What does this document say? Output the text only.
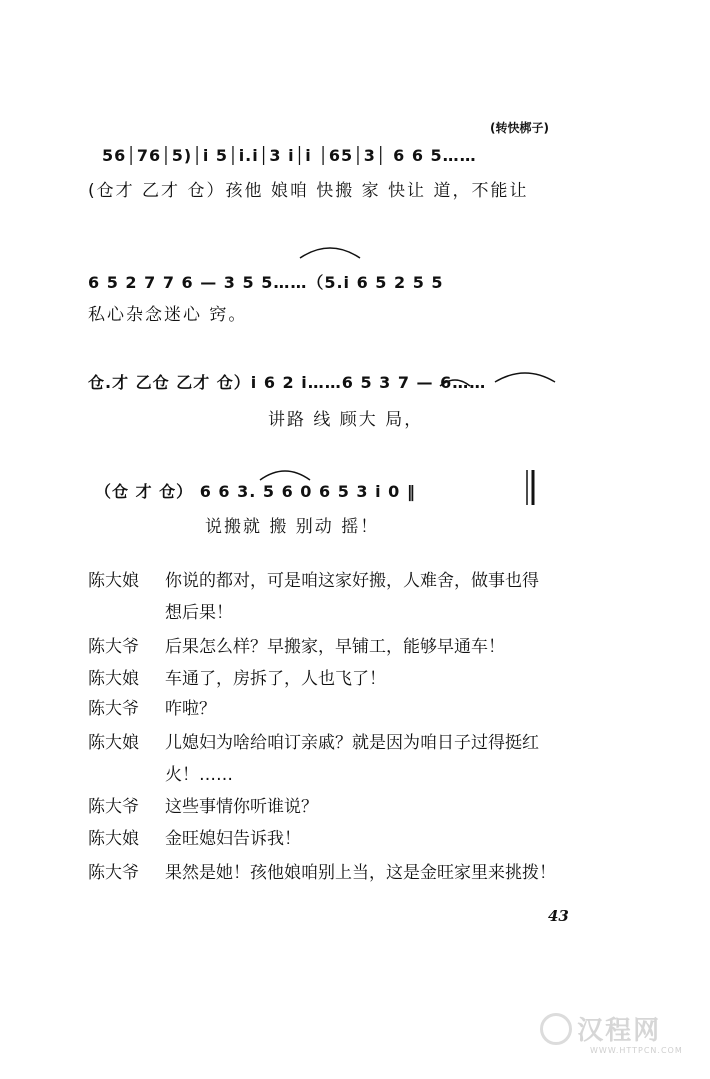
(转快梆子)
56│76│5)│i 5│i.i│3 i│i │65│3│ 6 6 5……
(仓才 乙才 仓）孩他 娘咱 快搬 家 快让 道，不能让
6 5 2 7 7 6 — 3 5 5……（5.i 6 5 2 5 5
私心杂念迷心 窍。
仓.才 乙仓 乙才 仓）i 6 2 i……6 5 3 7 — 6……
讲路 线 顾大 局，
（仓 才 仓） 6 6 3. 5 6 0 6 5 3 i 0 ‖
说搬就 搬 别动 摇！
陈大娘 你说的都对，可是咱这家好搬，人难舍，做事也得
想后果！
陈大爷 后果怎么样？早搬家，早铺工，能够早通车！
陈大娘 车通了，房拆了，人也飞了！
陈大爷 咋啦？
陈大娘 儿媳妇为啥给咱订亲戚？就是因为咱日子过得挺红
火！……
陈大爷 这些事情你听谁说？
陈大娘 金旺媳妇告诉我！
陈大爷 果然是她！孩他娘咱别上当，这是金旺家里来挑拨！
43
汉程网
WWW.HTTPCN.COM
